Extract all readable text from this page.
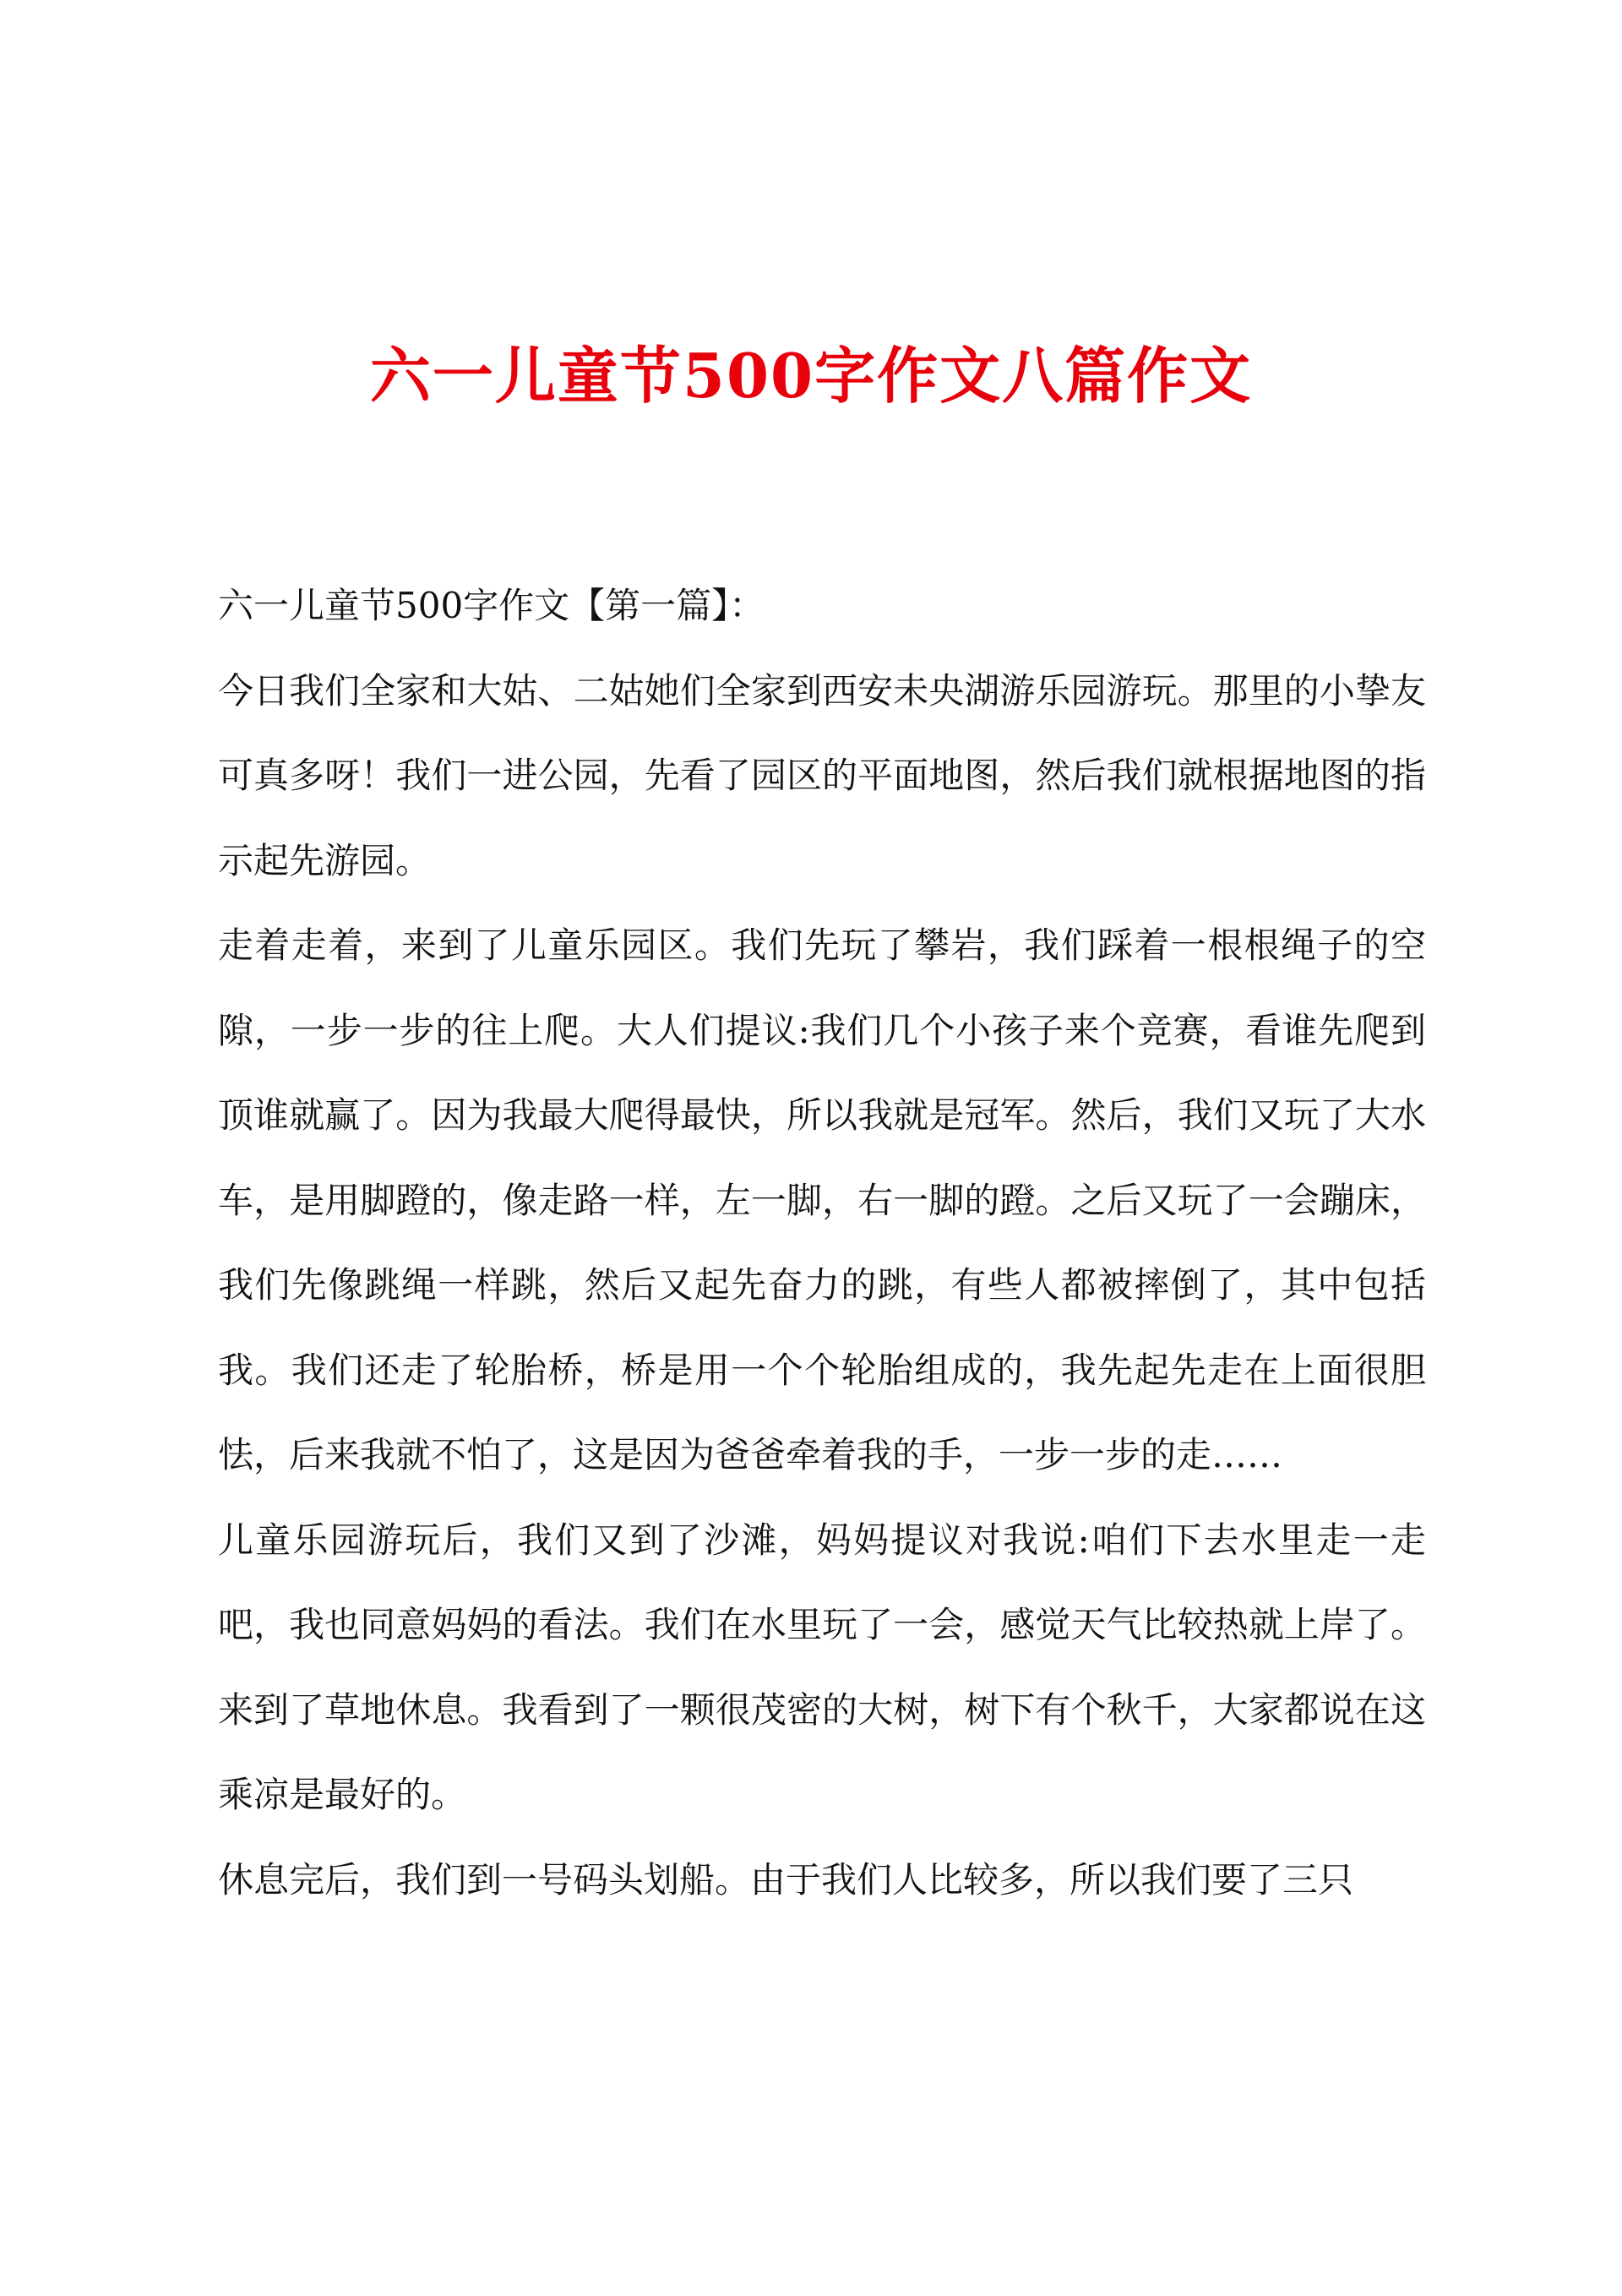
六一儿童节500字作文八篇作文

六一儿童节500字作文【第一篇】：

今日我们全家和大姑、二姑她们全家到西安未央湖游乐园游玩。那里的小挚友可真多呀！我们一进公园，先看了园区的平面地图，然后我们就根据地图的指示起先游园。

走着走着，来到了儿童乐园区。我们先玩了攀岩，我们踩着一根根绳子的空隙，一步一步的往上爬。大人们提议:我们几个小孩子来个竞赛，看谁先爬到顶谁就赢了。因为我最大爬得最快，所以我就是冠军。然后，我们又玩了大水车，是用脚蹬的，像走路一样，左一脚，右一脚的蹬。之后又玩了一会蹦床，我们先像跳绳一样跳，然后又起先奋力的跳，有些人都被摔倒了，其中包括我。我们还走了轮胎桥，桥是用一个个轮胎组成的，我先起先走在上面很胆怯，后来我就不怕了，这是因为爸爸牵着我的手，一步一步的走……

儿童乐园游玩后，我们又到了沙滩，妈妈提议对我说:咱们下去水里走一走吧，我也同意妈妈的看法。我们在水里玩了一会，感觉天气比较热就上岸了。来到了草地休息。我看到了一颗很茂密的大树，树下有个秋千，大家都说在这乘凉是最好的。

休息完后，我们到一号码头划船。由于我们人比较多，所以我们要了三只
